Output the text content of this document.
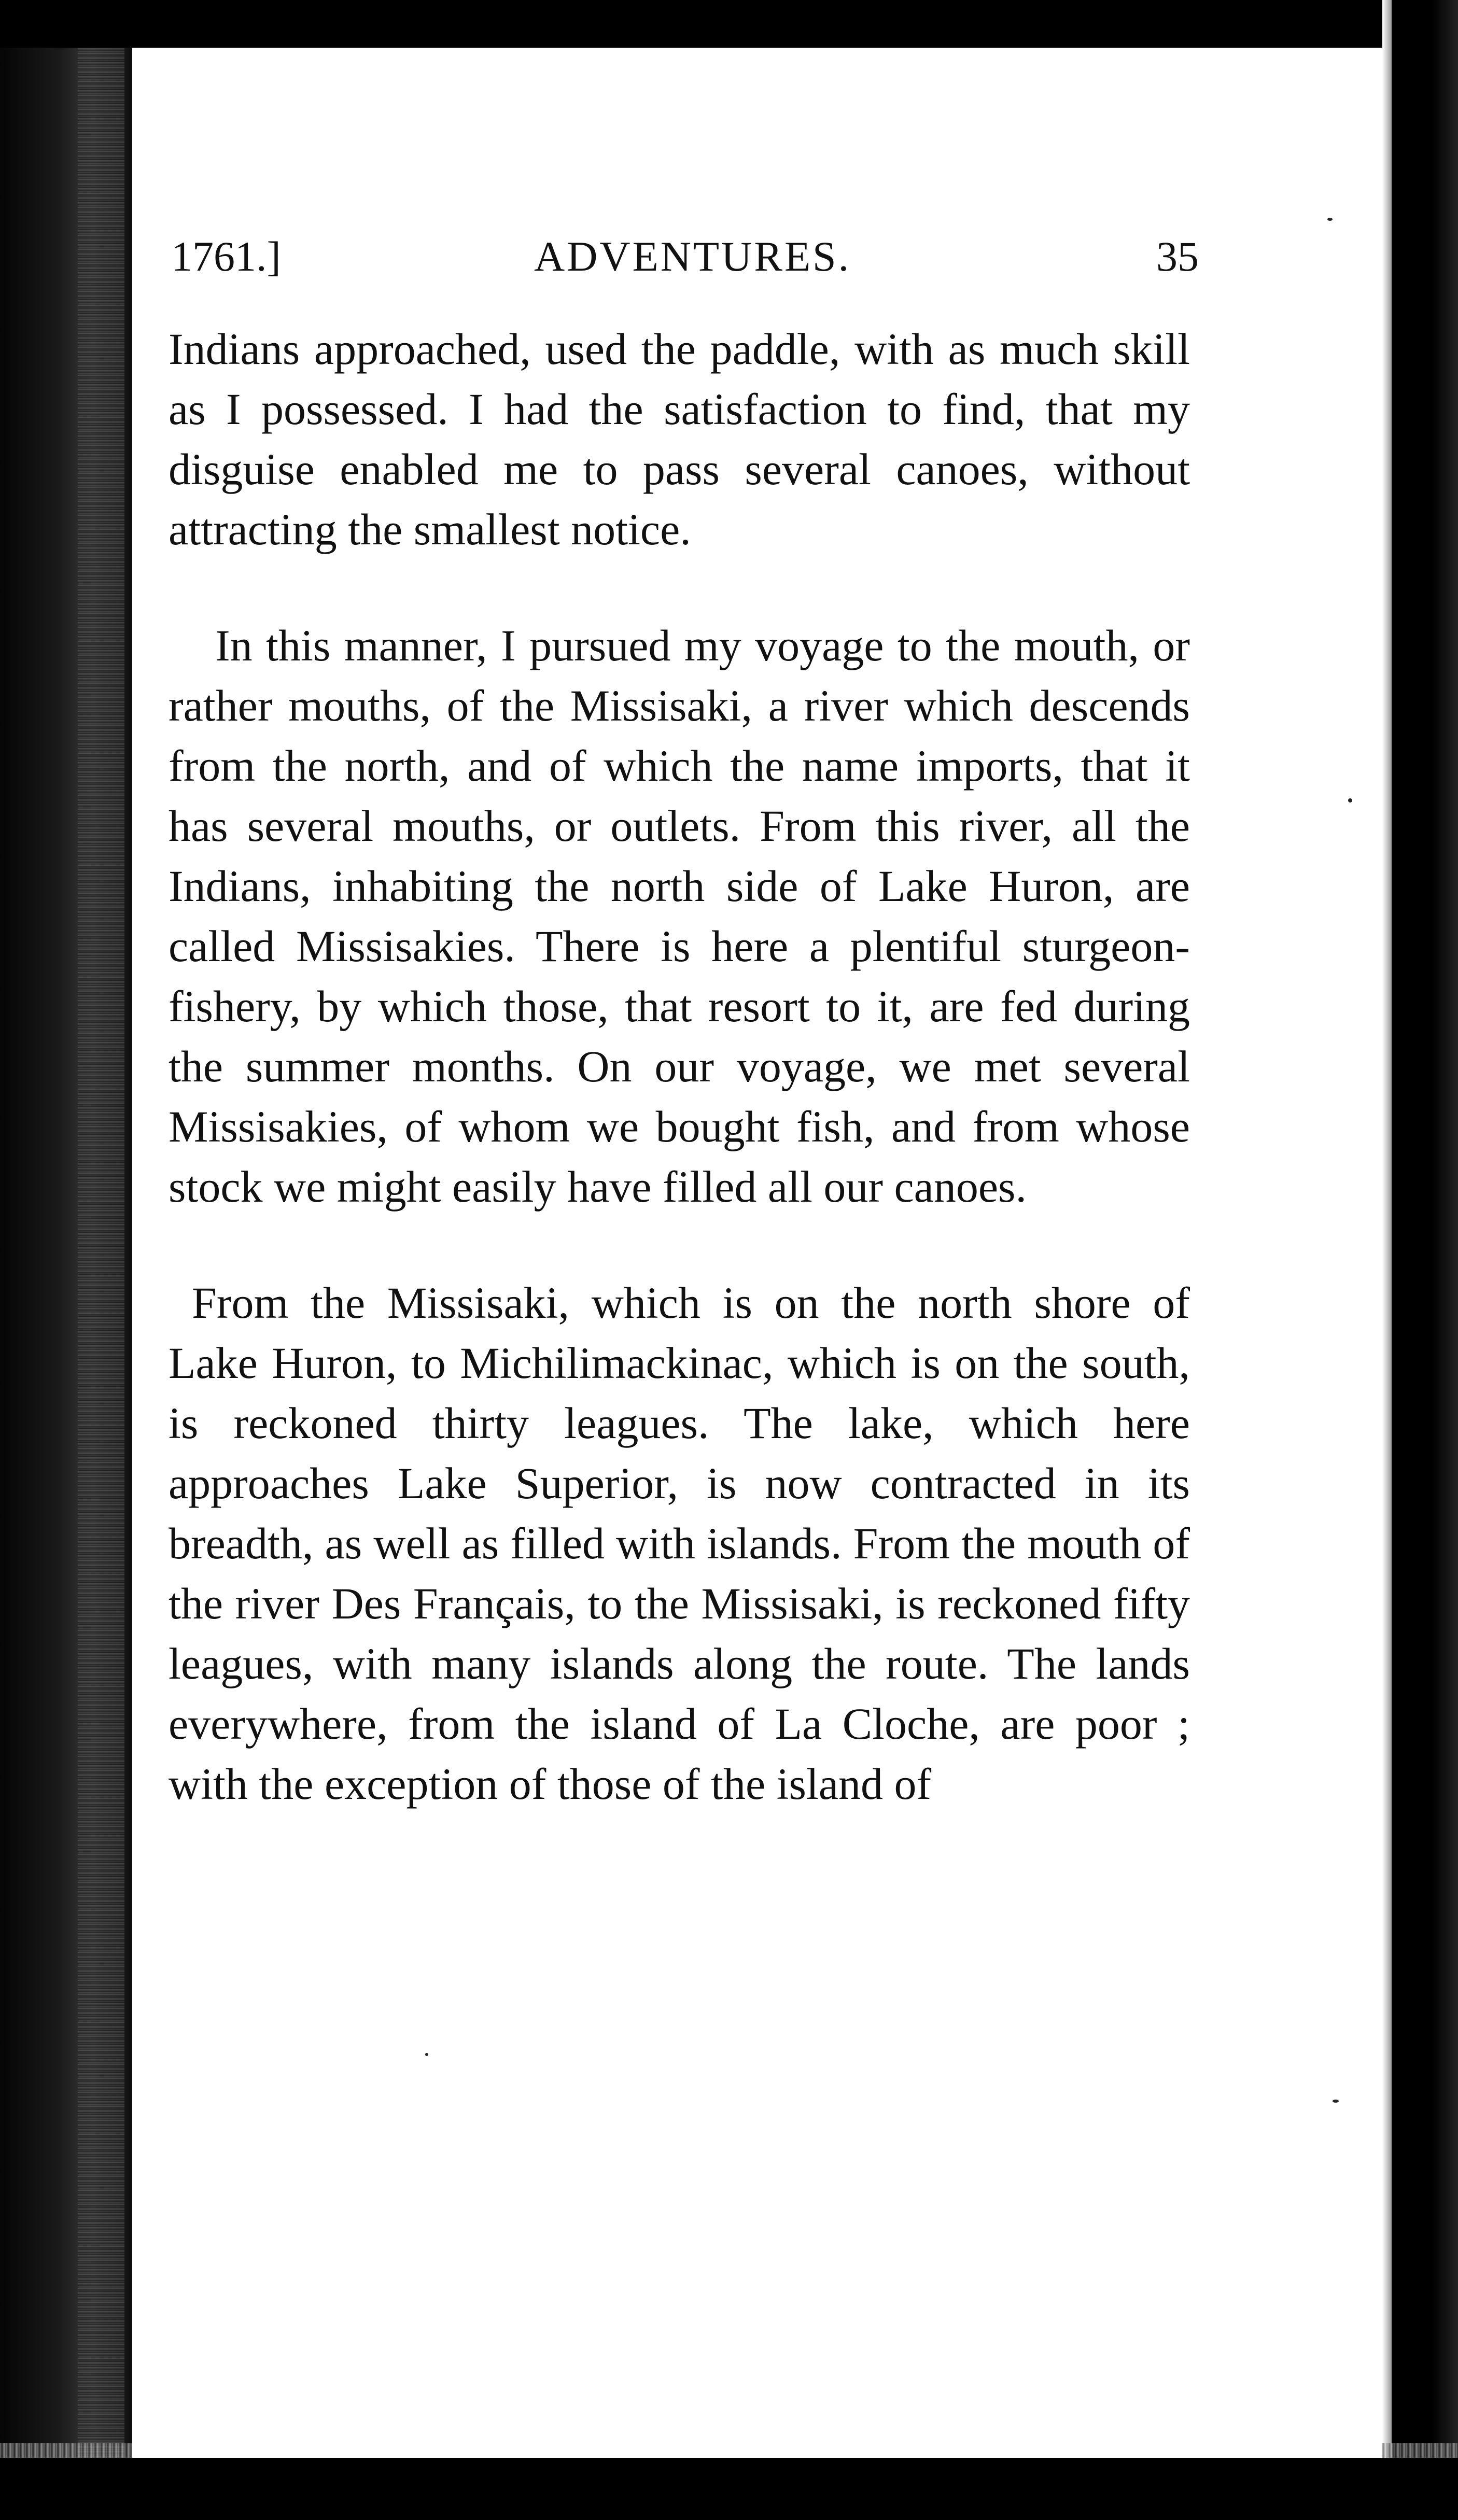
1761.]	ADVENTURES.	35

Indians approached, used the paddle, with as much skill as I possessed. I had the satisfaction to find, that my disguise enabled me to pass several canoes, without attracting the smallest notice.

In this manner, I pursued my voyage to the mouth, or rather mouths, of the Missisaki, a river which descends from the north, and of which the name imports, that it has several mouths, or outlets. From this river, all the Indians, inhabiting the north side of Lake Huron, are called Missisakies. There is here a plentiful sturgeon-fishery, by which those, that resort to it, are fed during the summer months. On our voyage, we met several Missisakies, of whom we bought fish, and from whose stock we might easily have filled all our canoes.

From the Missisaki, which is on the north shore of Lake Huron, to Michilimackinac, which is on the south, is reckoned thirty leagues. The lake, which here approaches Lake Superior, is now contracted in its breadth, as well as filled with islands. From the mouth of the river Des Français, to the Missisaki, is reckoned fifty leagues, with many islands along the route. The lands everywhere, from the island of La Cloche, are poor ; with the exception of those of the island of
